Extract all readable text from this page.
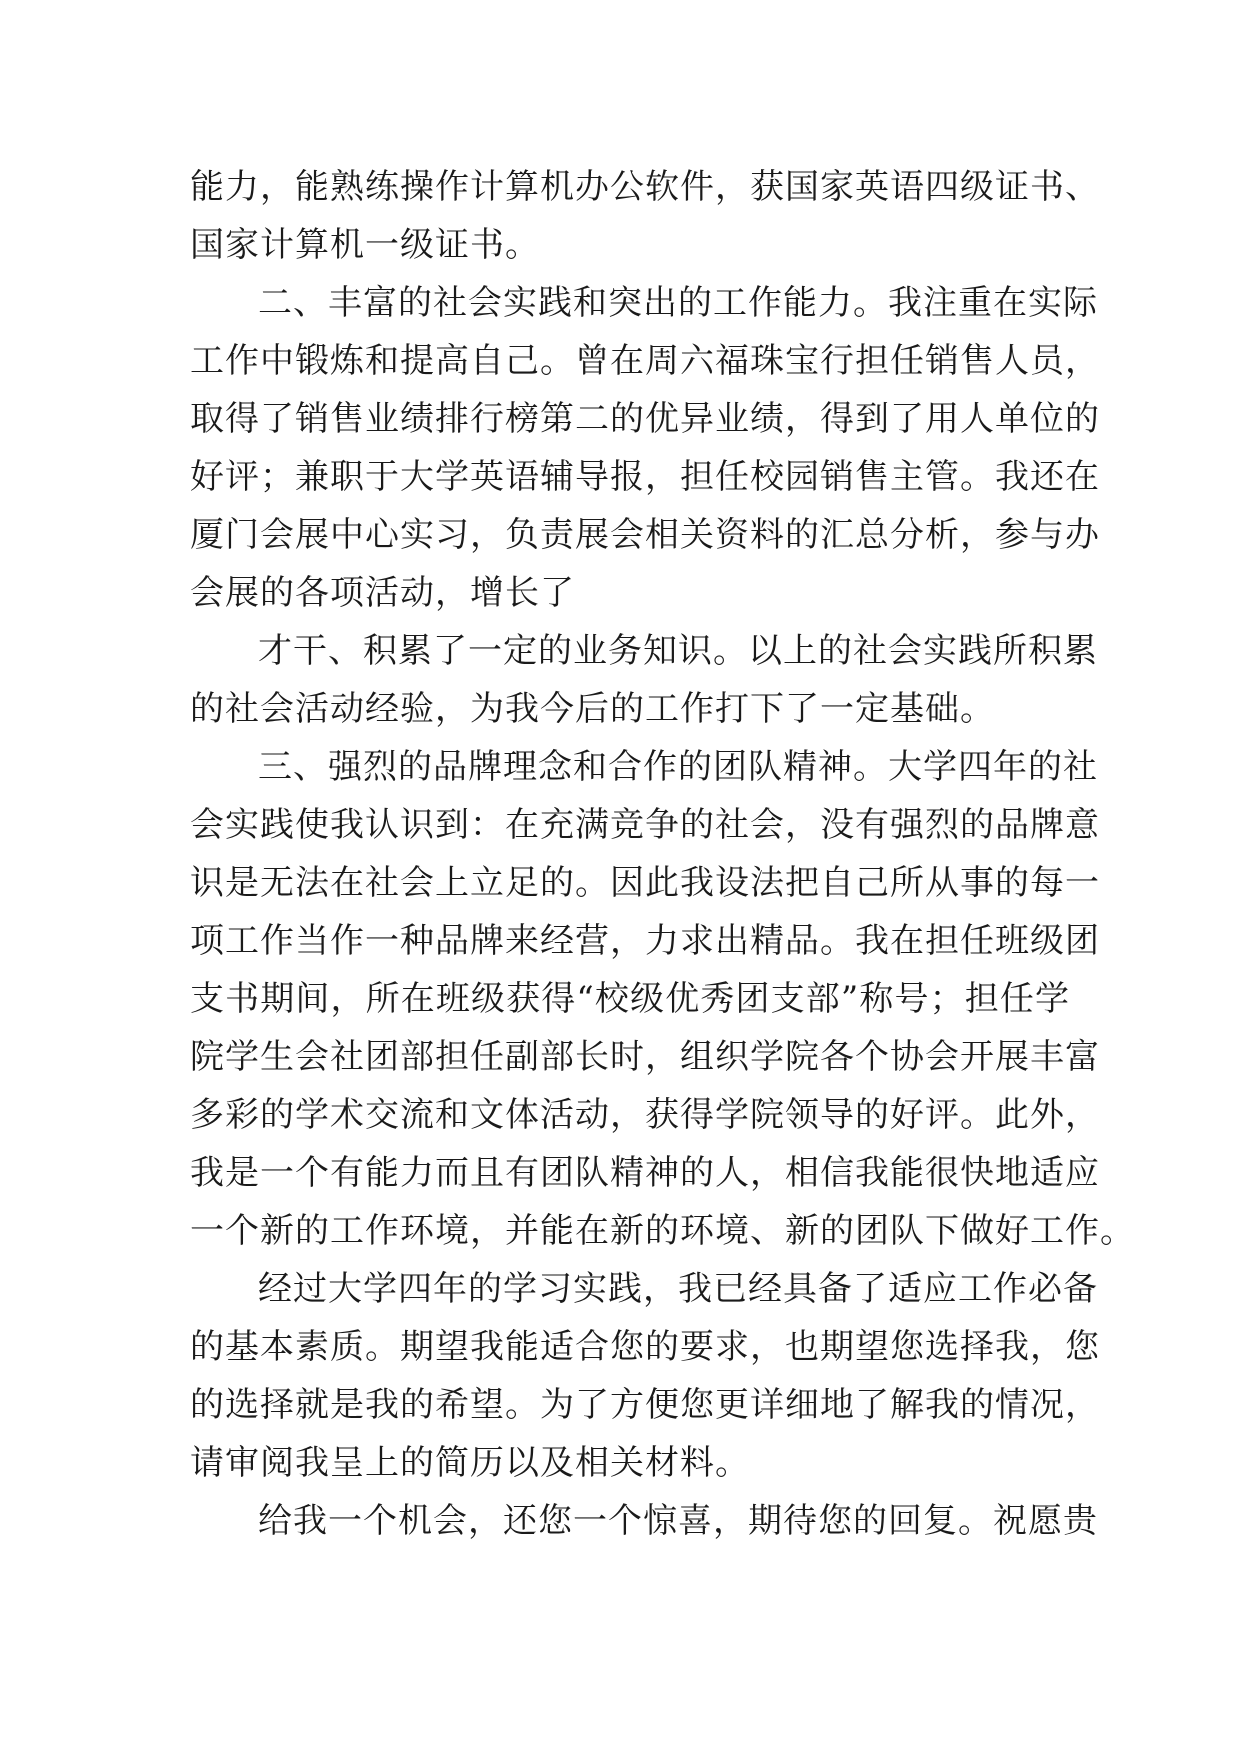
能力，能熟练操作计算机办公软件，获国家英语四级证书、
国家计算机一级证书。
二、丰富的社会实践和突出的工作能力。我注重在实际
工作中锻炼和提高自己。曾在周六福珠宝行担任销售人员，
取得了销售业绩排行榜第二的优异业绩，得到了用人单位的
好评；兼职于大学英语辅导报，担任校园销售主管。我还在
厦门会展中心实习，负责展会相关资料的汇总分析，参与办
会展的各项活动，增长了
才干、积累了一定的业务知识。以上的社会实践所积累
的社会活动经验，为我今后的工作打下了一定基础。
三、强烈的品牌理念和合作的团队精神。大学四年的社
会实践使我认识到：在充满竞争的社会，没有强烈的品牌意
识是无法在社会上立足的。因此我设法把自己所从事的每一
项工作当作一种品牌来经营，力求出精品。我在担任班级团
支书期间，所在班级获得“校级优秀团支部”称号；担任学
院学生会社团部担任副部长时，组织学院各个协会开展丰富
多彩的学术交流和文体活动，获得学院领导的好评。此外，
我是一个有能力而且有团队精神的人，相信我能很快地适应
一个新的工作环境，并能在新的环境、新的团队下做好工作。
经过大学四年的学习实践，我已经具备了适应工作必备
的基本素质。期望我能适合您的要求，也期望您选择我，您
的选择就是我的希望。为了方便您更详细地了解我的情况，
请审阅我呈上的简历以及相关材料。
给我一个机会，还您一个惊喜，期待您的回复。祝愿贵
